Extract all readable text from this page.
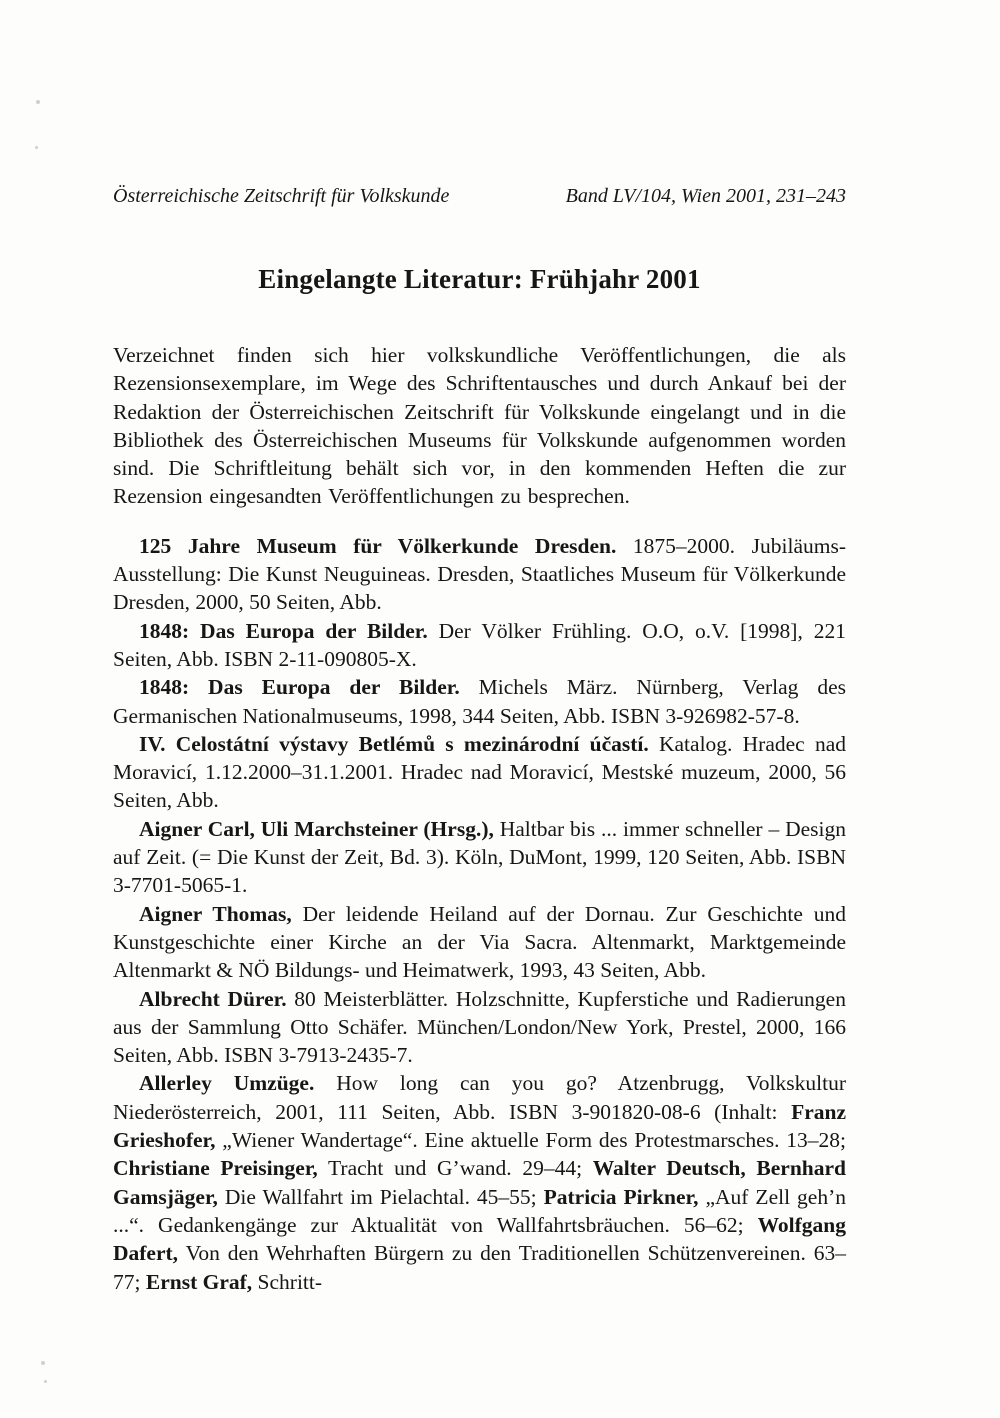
Österreichische Zeitschrift für Volkskunde	Band LV/104, Wien 2001, 231–243
Eingelangte Literatur: Frühjahr 2001

Verzeichnet finden sich hier volkskundliche Veröffentlichungen, die als Rezensionsexemplare, im Wege des Schriftentausches und durch Ankauf bei der Redaktion der Österreichischen Zeitschrift für Volkskunde eingelangt und in die Bibliothek des Österreichischen Museums für Volkskunde aufgenommen worden sind. Die Schriftleitung behält sich vor, in den kommenden Heften die zur Rezension eingesandten Veröffentlichungen zu besprechen.

125 Jahre Museum für Völkerkunde Dresden. 1875–2000. Jubiläums-Ausstellung: Die Kunst Neuguineas. Dresden, Staatliches Museum für Völkerkunde Dresden, 2000, 50 Seiten, Abb.

1848: Das Europa der Bilder. Der Völker Frühling. O.O, o.V. [1998], 221 Seiten, Abb. ISBN 2-11-090805-X.

1848: Das Europa der Bilder. Michels März. Nürnberg, Verlag des Germanischen Nationalmuseums, 1998, 344 Seiten, Abb. ISBN 3-926982-57-8.

IV. Celostátní výstavy Betlémů s mezinárodní účastí. Katalog. Hradec nad Moravicí, 1.12.2000–31.1.2001. Hradec nad Moravicí, Mestské muzeum, 2000, 56 Seiten, Abb.

Aigner Carl, Uli Marchsteiner (Hrsg.), Haltbar bis ... immer schneller – Design auf Zeit. (= Die Kunst der Zeit, Bd. 3). Köln, DuMont, 1999, 120 Seiten, Abb. ISBN 3-7701-5065-1.

Aigner Thomas, Der leidende Heiland auf der Dornau. Zur Geschichte und Kunstgeschichte einer Kirche an der Via Sacra. Altenmarkt, Marktgemeinde Altenmarkt & NÖ Bildungs- und Heimatwerk, 1993, 43 Seiten, Abb.

Albrecht Dürer. 80 Meisterblätter. Holzschnitte, Kupferstiche und Radierungen aus der Sammlung Otto Schäfer. München/London/New York, Prestel, 2000, 166 Seiten, Abb. ISBN 3-7913-2435-7.

Allerley Umzüge. How long can you go? Atzenbrugg, Volkskultur Niederösterreich, 2001, 111 Seiten, Abb. ISBN 3-901820-08-6 (Inhalt: Franz Grieshofer, „Wiener Wandertage“. Eine aktuelle Form des Protestmarsches. 13–28; Christiane Preisinger, Tracht und G’wand. 29–44; Walter Deutsch, Bernhard Gamsjäger, Die Wallfahrt im Pielachtal. 45–55; Patricia Pirkner, „Auf Zell geh’n ...“. Gedankengänge zur Aktualität von Wallfahrtsbräuchen. 56–62; Wolfgang Dafert, Von den Wehrhaften Bürgern zu den Traditionellen Schützenvereinen. 63–77; Ernst Graf, Schritt-
